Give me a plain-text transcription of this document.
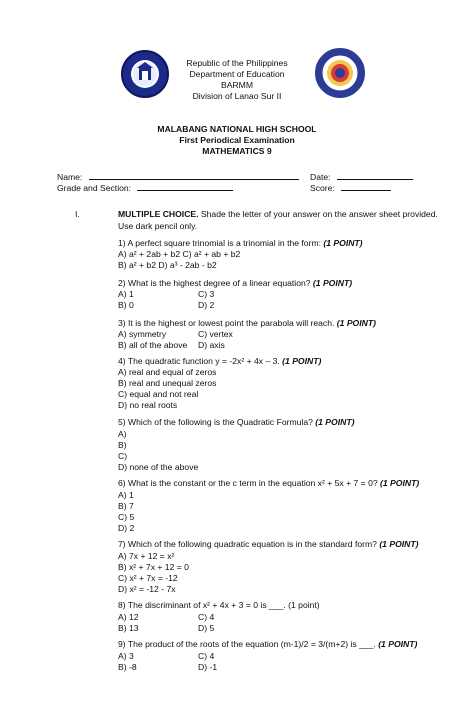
Republic of the Philippines
Department of Education
BARMM
Division of Lanao Sur II
MALABANG NATIONAL HIGH SCHOOL
First Periodical Examination
MATHEMATICS 9
Name:	Date:
Grade and Section:	Score:
I.	MULTIPLE CHOICE. Shade the letter of your answer on the answer sheet provided.
Use dark pencil only.
1) A perfect square trinomial is a trinomial in the form: (1 POINT)
A) a² + 2ab + b2 C) a² + ab + b2
B) a² + b2 D) a³ - 2ab - b2
2) What is the highest degree of a linear equation? (1 POINT)
A) 1	C) 3
B) 0	D) 2
3) It is the highest or lowest point the parabola will reach. (1 POINT)
A) symmetry	C) vertex
B) all of the above D) axis
4) The quadratic function y = -2x² + 4x – 3. (1 POINT)
A) real and equal of zeros
B) real and unequal zeros
C) equal and not real
D) no real roots
5) Which of the following is the Quadratic Formula? (1 POINT)
A)
B)
C)
D) none of the above
6) What is the constant or the c term in the equation x² + 5x + 7 = 0? (1 POINT)
A) 1
B) 7
C) 5
D) 2
7) Which of the following quadratic equation is in the standard form? (1 POINT)
A) 7x + 12 = x²
B) x² + 7x + 12 = 0
C) x² + 7x = -12
D) x² = -12 - 7x
8) The discriminant of x² + 4x + 3 = 0 is ___. (1 point)
A) 12	C) 4
B) 13	D) 5
9) The product of the roots of the equation (m-1)/2 = 3/(m+2) is ___. (1 POINT)
A) 3	C) 4
B) -8	D) -1
